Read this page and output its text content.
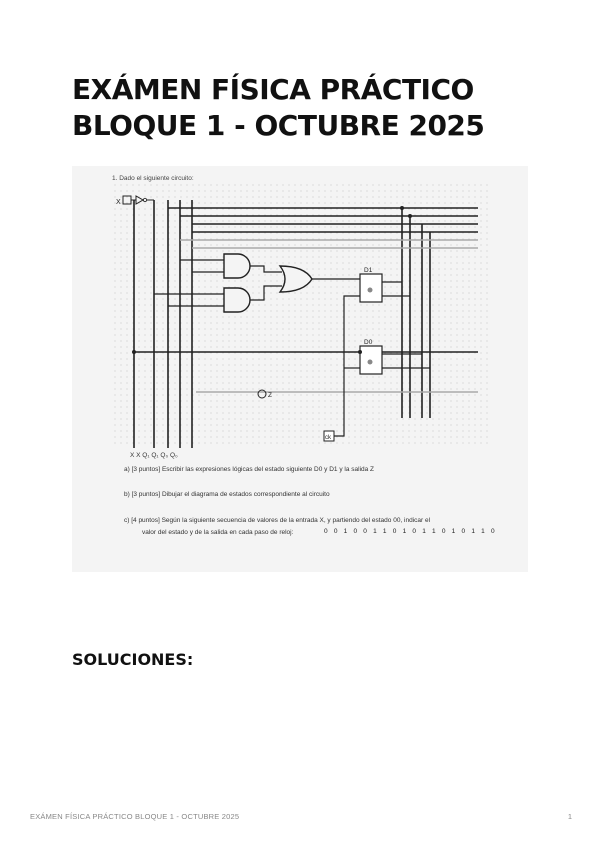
EXÁMEN FÍSICA PRÁCTICO
BLOQUE 1 - OCTUBRE 2025
1. Dado el siguiente circuito:
X
D1
D0
ck
Z
X X Q₁ Q₁ Q₀ Q₀
a) [3 puntos] Escribir las expresiones lógicas del estado siguiente D0 y D1 y la salida Z
b) [3 puntos] Dibujar el diagrama de estados correspondiente al circuito
c) [4 puntos] Según la siguiente secuencia de valores de la entrada X, y partiendo del estado 00, indicar el
valor del estado y de la salida en cada paso de reloj:	0 0 1 0 0 1 1 0 1 0 1 1 0 1 0 1 1 0
SOLUCIONES:
EXÁMEN FÍSICA PRÁCTICO BLOQUE 1 - OCTUBRE 2025	1
